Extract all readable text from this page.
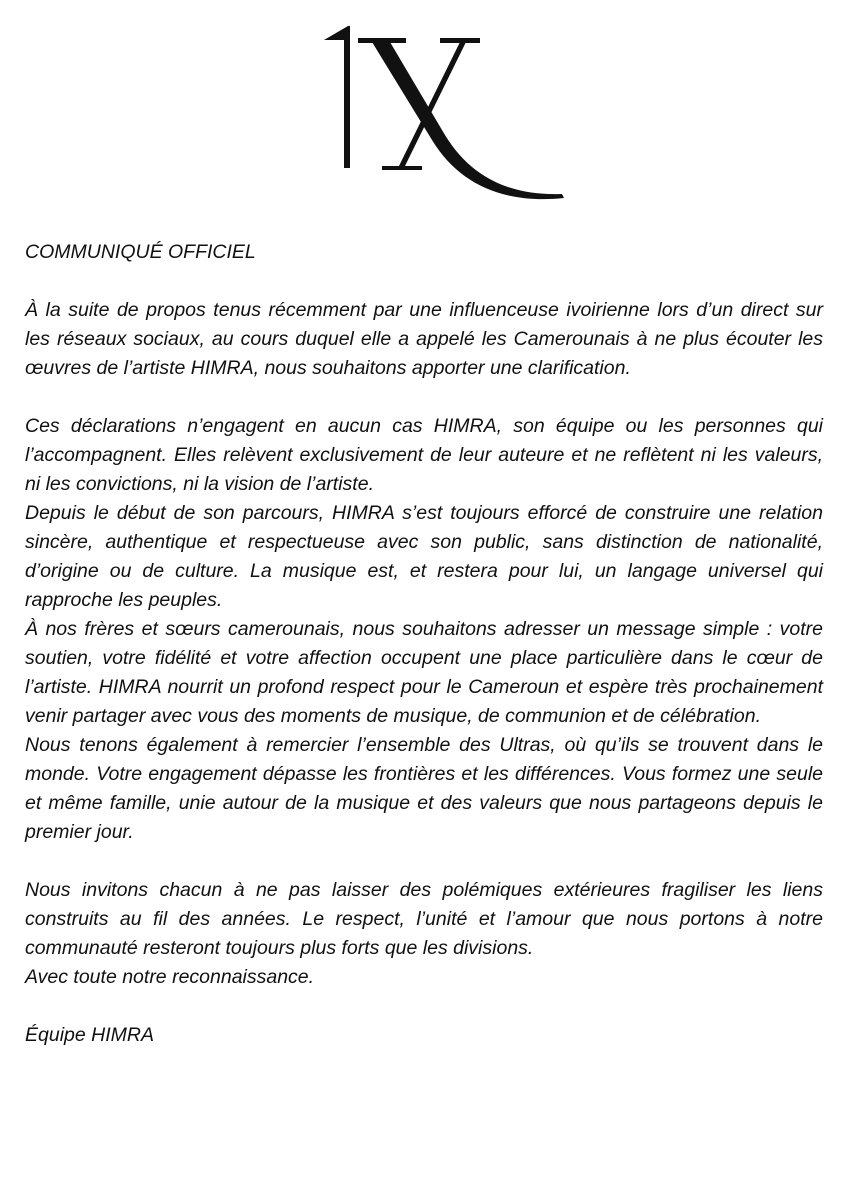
COMMUNIQUÉ OFFICIEL

À la suite de propos tenus récemment par une influenceuse ivoirienne lors d’un direct sur les réseaux sociaux, au cours duquel elle a appelé les Camerounais à ne plus écouter les œuvres de l’artiste HIMRA, nous souhaitons apporter une clarification.

Ces déclarations n’engagent en aucun cas HIMRA, son équipe ou les personnes qui l’accompagnent. Elles relèvent exclusivement de leur auteure et ne reflètent ni les valeurs, ni les convictions, ni la vision de l’artiste.

Depuis le début de son parcours, HIMRA s’est toujours efforcé de construire une relation sincère, authentique et respectueuse avec son public, sans distinction de nationalité, d’origine ou de culture. La musique est, et restera pour lui, un langage universel qui rapproche les peuples.

À nos frères et sœurs camerounais, nous souhaitons adresser un message simple : votre soutien, votre fidélité et votre affection occupent une place particulière dans le cœur de l’artiste. HIMRA nourrit un profond respect pour le Cameroun et espère très prochainement venir partager avec vous des moments de musique, de communion et de célébration.

Nous tenons également à remercier l’ensemble des Ultras, où qu’ils se trouvent dans le monde. Votre engagement dépasse les frontières et les différences. Vous formez une seule et même famille, unie autour de la musique et des valeurs que nous partageons depuis le premier jour.

Nous invitons chacun à ne pas laisser des polémiques extérieures fragiliser les liens construits au fil des années. Le respect, l’unité et l’amour que nous portons à notre communauté resteront toujours plus forts que les divisions.

Avec toute notre reconnaissance.

Équipe HIMRA
